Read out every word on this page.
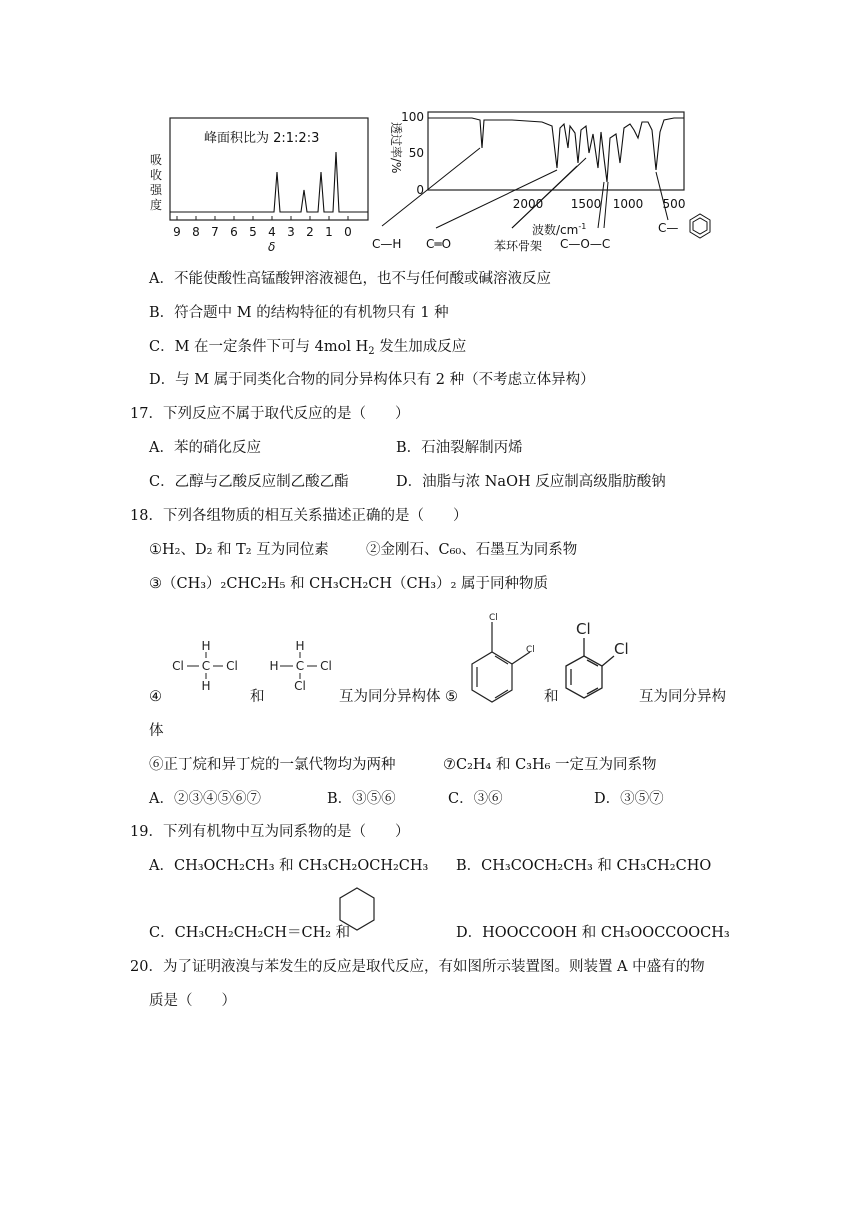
峰面积比为 2:1:2:3
吸
收
强
度
9 8 7 6 5 4 3 2 1 0
δ
透过率/%
100
50
0
2000 1500 1000 500
波数$/cm^{-1}$
C—H C═O	苯环骨架 C—O—C
C—
A．不能使酸性高锰酸钾溶液褪色，也不与任何酸或碱溶液反应
B．符合题中 M 的结构特征的有机物只有 1 种
C．M 在一定条件下可与 4mol $H_2$ 发生加成反应
D．与 M 属于同类化合物的同分异构体只有 2 种（不考虑立体异构）
17．下列反应不属于取代反应的是（　　）
A．苯的硝化反应	B．石油裂解制丙烯
C．乙醇与乙酸反应制乙酸乙酯	D．油脂与浓 NaOH 反应制高级脂肪酸钠
18．下列各组物质的相互关系描述正确的是（　　）
①H₂、D₂ 和 T₂ 互为同位素	②金刚石、C₆₀、石墨互为同系物
③（CH₃）₂CHC₂H₅ 和 CH₃CH₂CH（CH₃）₂ 属于同种物质
H
Cl C Cl
H
H
H C Cl
Cl
④	和	互为同分异构体 ⑤
Cl
Cl
和
Cl
Cl
互为同分异构
体
⑥正丁烷和异丁烷的一氯代物均为两种	⑦C₂H₄ 和 C₃H₆ 一定互为同系物
A．②③④⑤⑥⑦	B．③⑤⑥	C．③⑥	D．③⑤⑦
19．下列有机物中互为同系物的是（　　）
A．CH₃OCH₂CH₃ 和 CH₃CH₂OCH₂CH₃ B．CH₃COCH₂CH₃ 和 CH₃CH₂CHO
C．CH₃CH₂CH₂CH＝CH₂ 和	D．HOOCCOOH 和 CH₃OOCCOOCH₃
20．为了证明液溴与苯发生的反应是取代反应，有如图所示装置图。则装置 A 中盛有的物
质是（　　）
